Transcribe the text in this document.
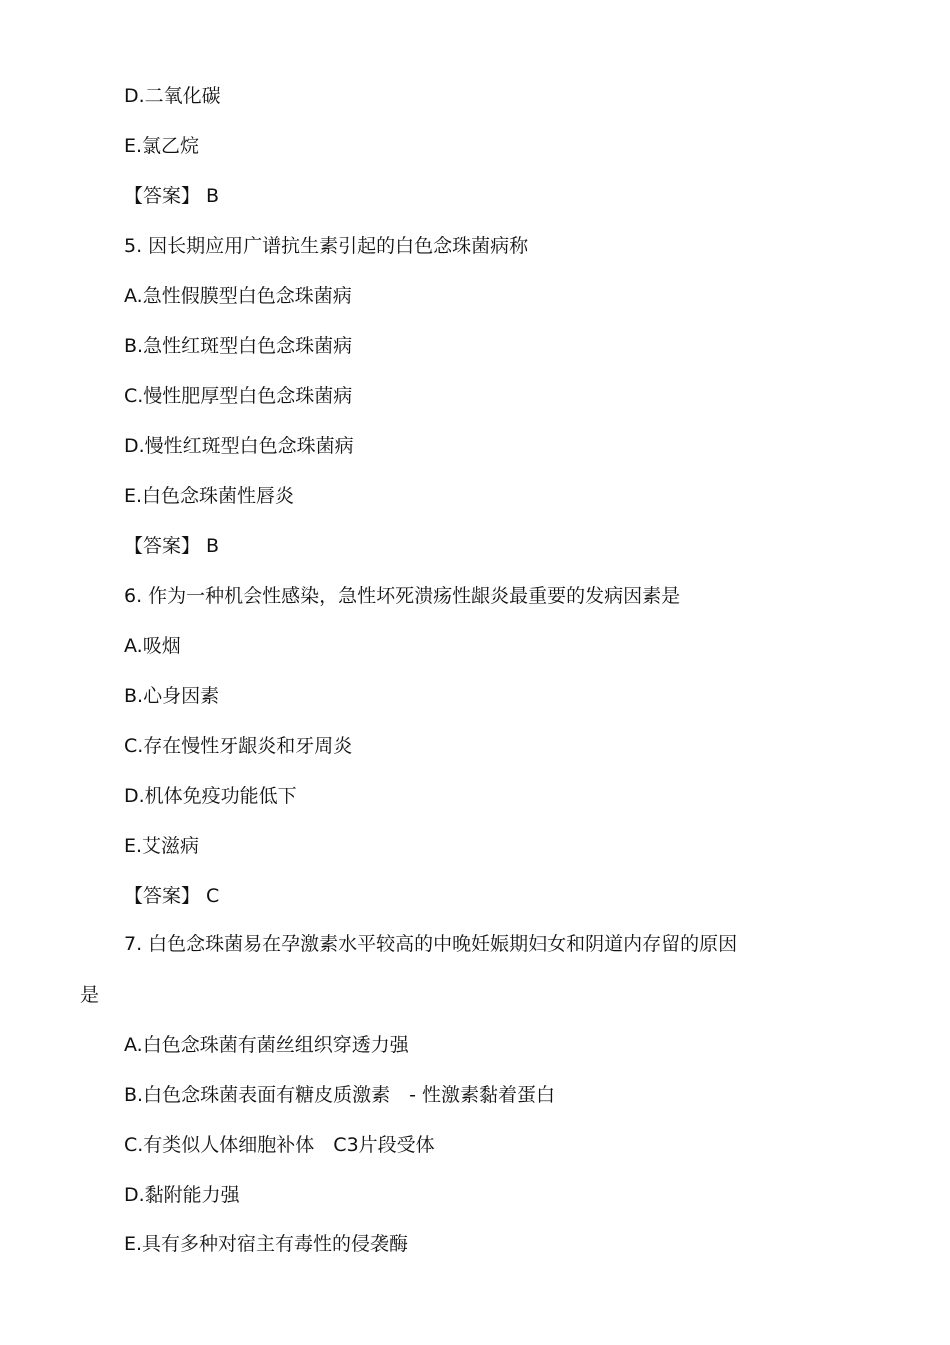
D.二氧化碳
E.氯乙烷
【答案】 B
5. 因长期应用广谱抗生素引起的白色念珠菌病称
A.急性假膜型白色念珠菌病
B.急性红斑型白色念珠菌病
C.慢性肥厚型白色念珠菌病
D.慢性红斑型白色念珠菌病
E.白色念珠菌性唇炎
【答案】 B
6. 作为一种机会性感染，急性坏死溃疡性龈炎最重要的发病因素是
A.吸烟
B.心身因素
C.存在慢性牙龈炎和牙周炎
D.机体免疫功能低下
E.艾滋病
【答案】 C
7. 白色念珠菌易在孕激素水平较高的中晚妊娠期妇女和阴道内存留的原因
是
A.白色念珠菌有菌丝组织穿透力强
B.白色念珠菌表面有糖皮质激素　- 性激素黏着蛋白
C.有类似人体细胞补体　C3片段受体
D.黏附能力强
E.具有多种对宿主有毒性的侵袭酶
